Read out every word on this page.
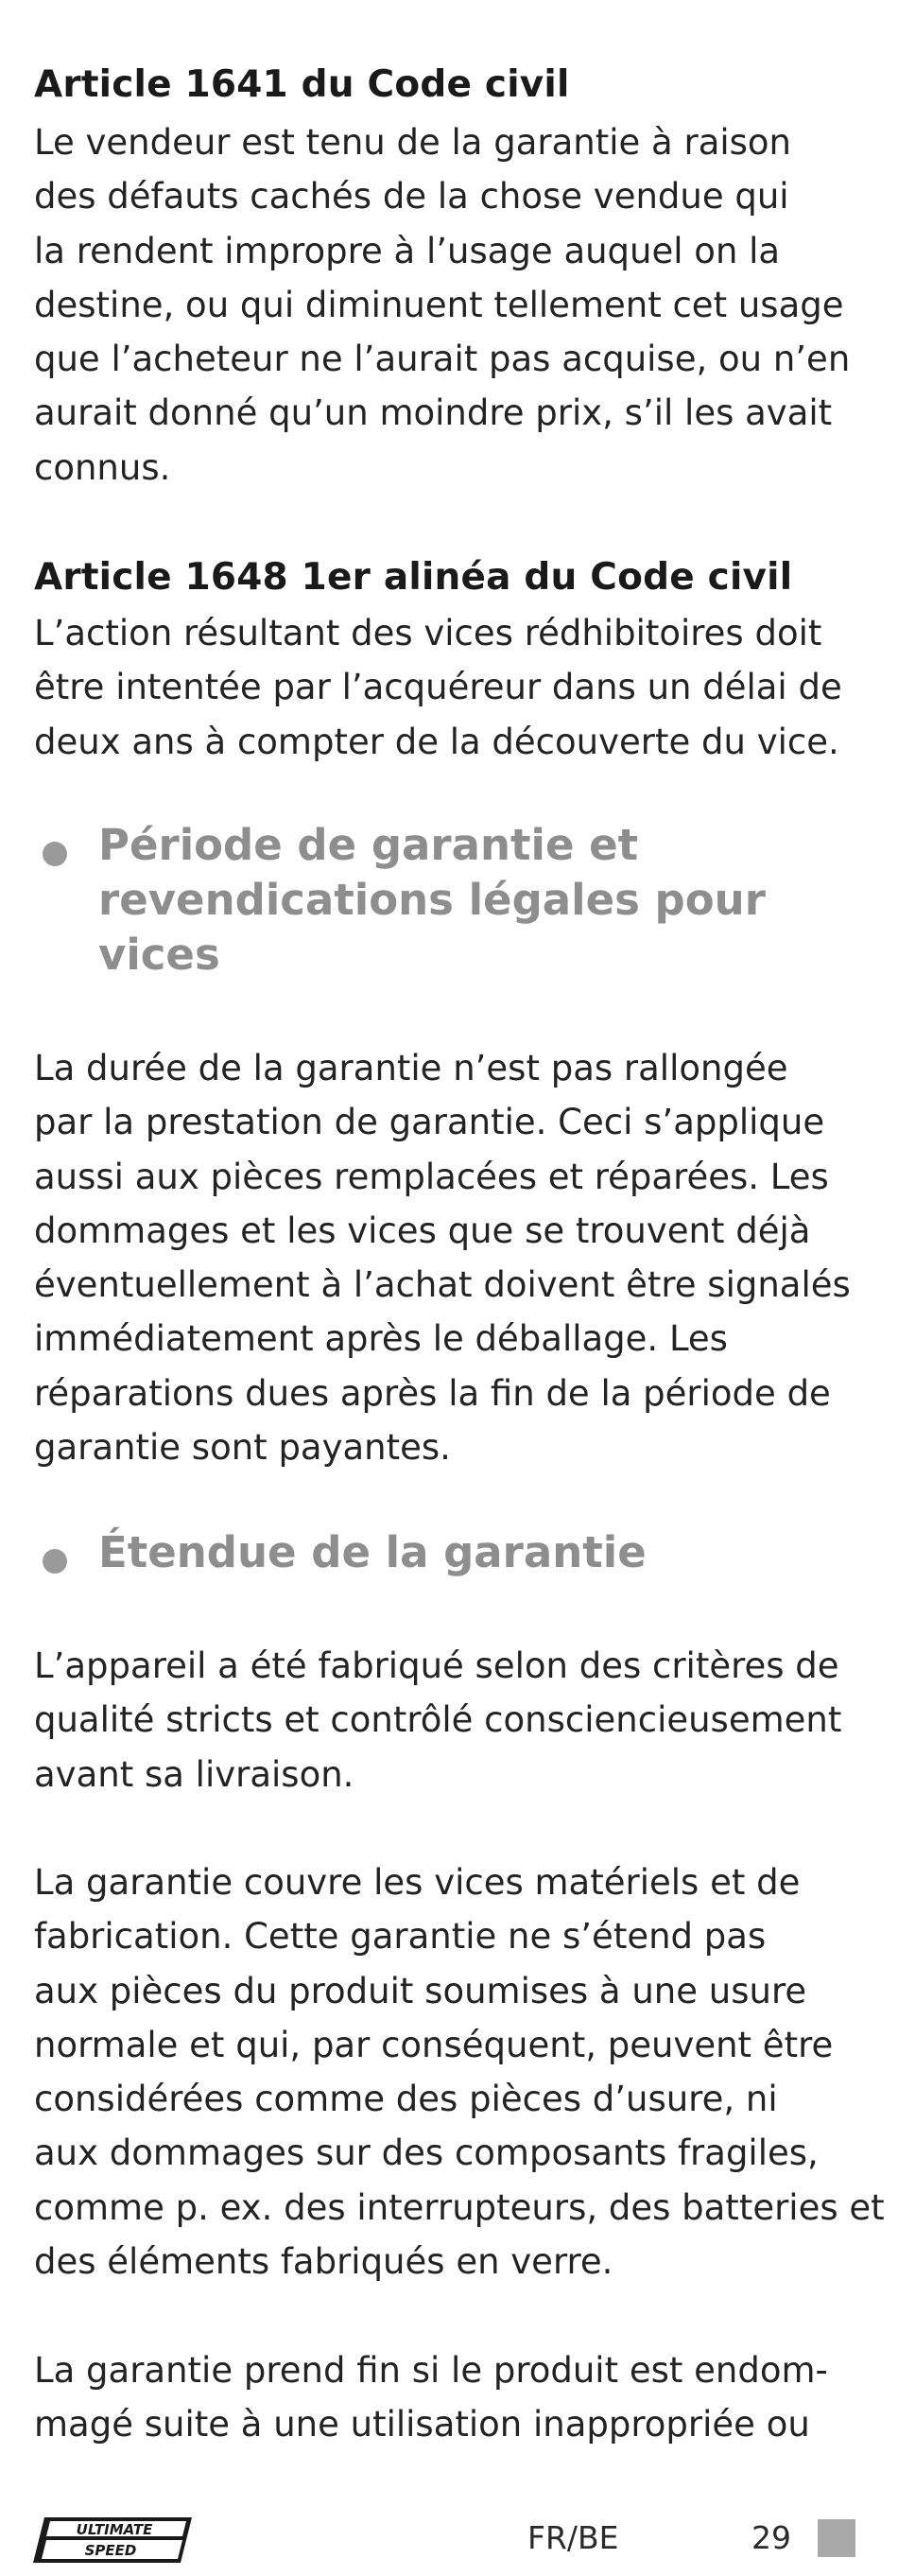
Article 1641 du Code civil
Le vendeur est tenu de la garantie à raison
des défauts cachés de la chose vendue qui
la rendent impropre à l’usage auquel on la
destine, ou qui diminuent tellement cet usage
que l’acheteur ne l’aurait pas acquise, ou n’en
aurait donné qu’un moindre prix, s’il les avait
connus.
Article 1648 1er alinéa du Code civil
L’action résultant des vices rédhibitoires doit
être intentée par l’acquéreur dans un délai de
deux ans à compter de la découverte du vice.
Période de garantie et
revendications légales pour
vices
La durée de la garantie n’est pas rallongée
par la prestation de garantie. Ceci s’applique
aussi aux pièces remplacées et réparées. Les
dommages et les vices que se trouvent déjà
éventuellement à l’achat doivent être signalés
immédiatement après le déballage. Les
réparations dues après la fin de la période de
garantie sont payantes.
Étendue de la garantie
L’appareil a été fabriqué selon des critères de
qualité stricts et contrôlé consciencieusement
avant sa livraison.
La garantie couvre les vices matériels et de
fabrication. Cette garantie ne s’étend pas
aux pièces du produit soumises à une usure
normale et qui, par conséquent, peuvent être
considérées comme des pièces d’usure, ni
aux dommages sur des composants fragiles,
comme p. ex. des interrupteurs, des batteries et
des éléments fabriqués en verre.
La garantie prend fin si le produit est endom-
magé suite à une utilisation inappropriée ou
ULTIMATE
SPEED	FR/BE	29
